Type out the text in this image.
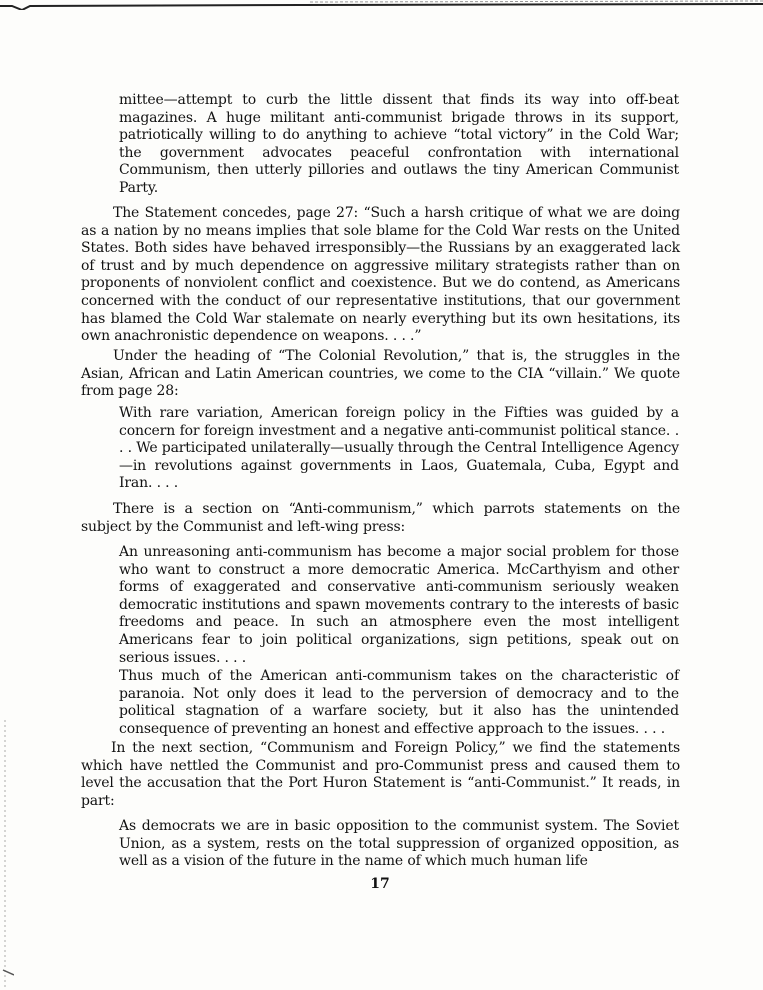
mittee—attempt to curb the little dissent that finds its way into off-beat magazines. A huge militant anti-communist brigade throws in its support, patriotically willing to do anything to achieve “total victory” in the Cold War; the government advocates peaceful confrontation with international Communism, then utterly pillories and outlaws the tiny American Communist Party.

The Statement concedes, page 27: “Such a harsh critique of what we are doing as a nation by no means implies that sole blame for the Cold War rests on the United States. Both sides have behaved irresponsibly—the Russians by an exaggerated lack of trust and by much dependence on aggressive military strategists rather than on proponents of nonviolent conflict and coexistence. But we do contend, as Americans concerned with the conduct of our representative institutions, that our government has blamed the Cold War stalemate on nearly everything but its own hesitations, its own anachronistic dependence on weapons. . . .”

Under the heading of “The Colonial Revolution,” that is, the struggles in the Asian, African and Latin American countries, we come to the CIA “villain.” We quote from page 28:

With rare variation, American foreign policy in the Fifties was guided by a concern for foreign investment and a negative anti-communist political stance. . . . We participated unilaterally—usually through the Central Intelligence Agency—in revolutions against governments in Laos, Guatemala, Cuba, Egypt and Iran. . . .

There is a section on “Anti-communism,” which parrots statements on the subject by the Communist and left-wing press:

An unreasoning anti-communism has become a major social problem for those who want to construct a more democratic America. McCarthyism and other forms of exaggerated and conservative anti-communism seriously weaken democratic institutions and spawn movements contrary to the interests of basic freedoms and peace. In such an atmosphere even the most intelligent Americans fear to join political organizations, sign petitions, speak out on serious issues. . . .

Thus much of the American anti-communism takes on the characteristic of paranoia. Not only does it lead to the perversion of democracy and to the political stagnation of a warfare society, but it also has the unintended consequence of preventing an honest and effective approach to the issues. . . .

In the next section, “Communism and Foreign Policy,” we find the statements which have nettled the Communist and pro-Communist press and caused them to level the accusation that the Port Huron Statement is “anti-Communist.” It reads, in part:

As democrats we are in basic opposition to the communist system. The Soviet Union, as a system, rests on the total suppression of organized opposition, as well as a vision of the future in the name of which much human life

17
